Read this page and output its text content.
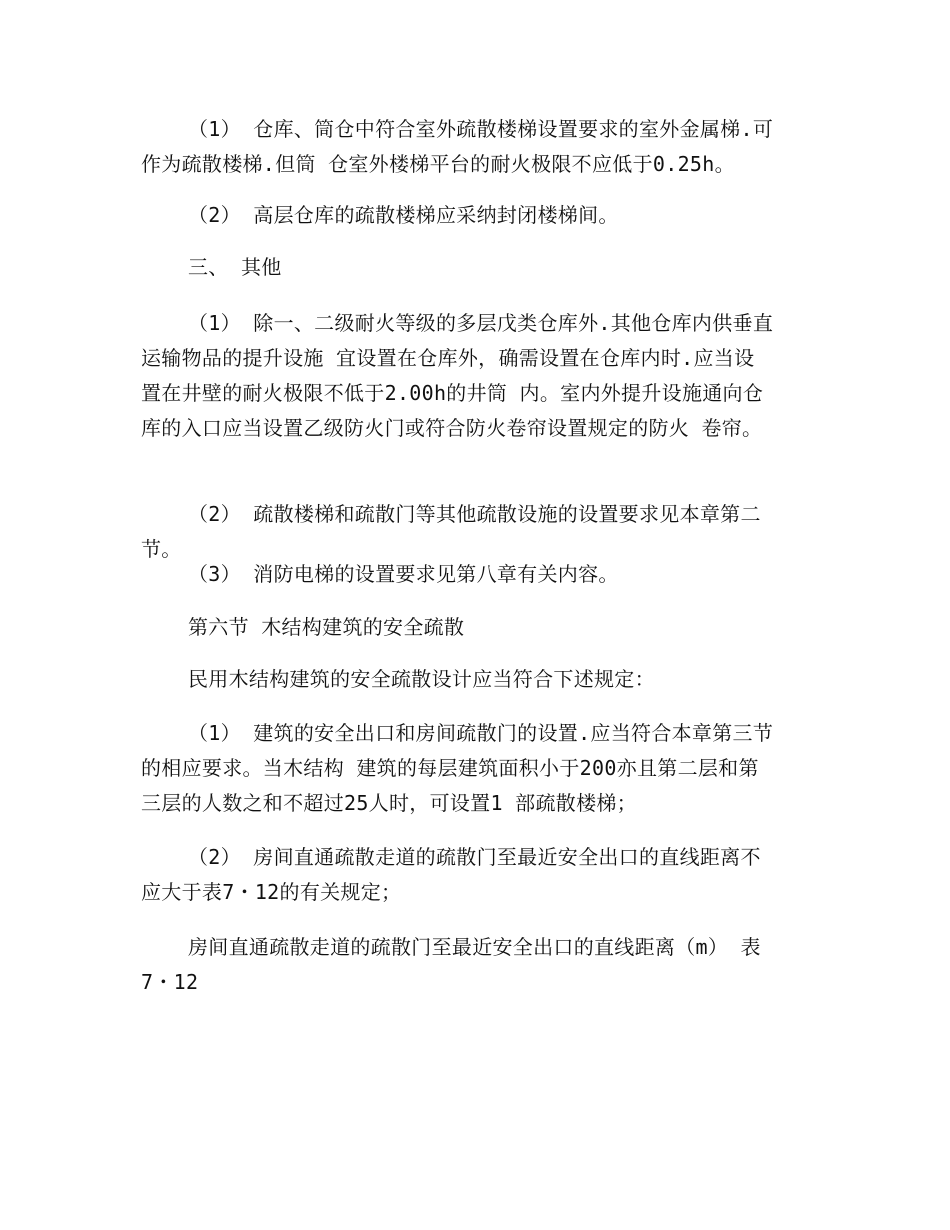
（1） 仓库、筒仓中符合室外疏散楼梯设置要求的室外金属梯.可
作为疏散楼梯.但筒 仓室外楼梯平台的耐火极限不应低于0.25h。

（2） 高层仓库的疏散楼梯应采纳封闭楼梯间。

三、 其他

（1） 除一、二级耐火等级的多层戊类仓库外.其他仓库内供垂直
运输物品的提升设施 宜设置在仓库外，确需设置在仓库内时.应当设
置在井壁的耐火极限不低于2.00h的井筒 内。室内外提升设施通向仓
库的入口应当设置乙级防火门或符合防火卷帘设置规定的防火 卷帘。

（2） 疏散楼梯和疏散门等其他疏散设施的设置要求见本章第二
节。

（3） 消防电梯的设置要求见第八章有关内容。

第六节 木结构建筑的安全疏散

民用木结构建筑的安全疏散设计应当符合下述规定：

（1） 建筑的安全出口和房间疏散门的设置.应当符合本章第三节
的相应要求。当木结构 建筑的每层建筑面积小于200亦且第二层和第
三层的人数之和不超过25人时，可设置1 部疏散楼梯；

（2） 房间直通疏散走道的疏散门至最近安全出口的直线距离不
应大于表7・12的有关规定；

房间直通疏散走道的疏散门至最近安全出口的直线距离（m） 表
7・12
